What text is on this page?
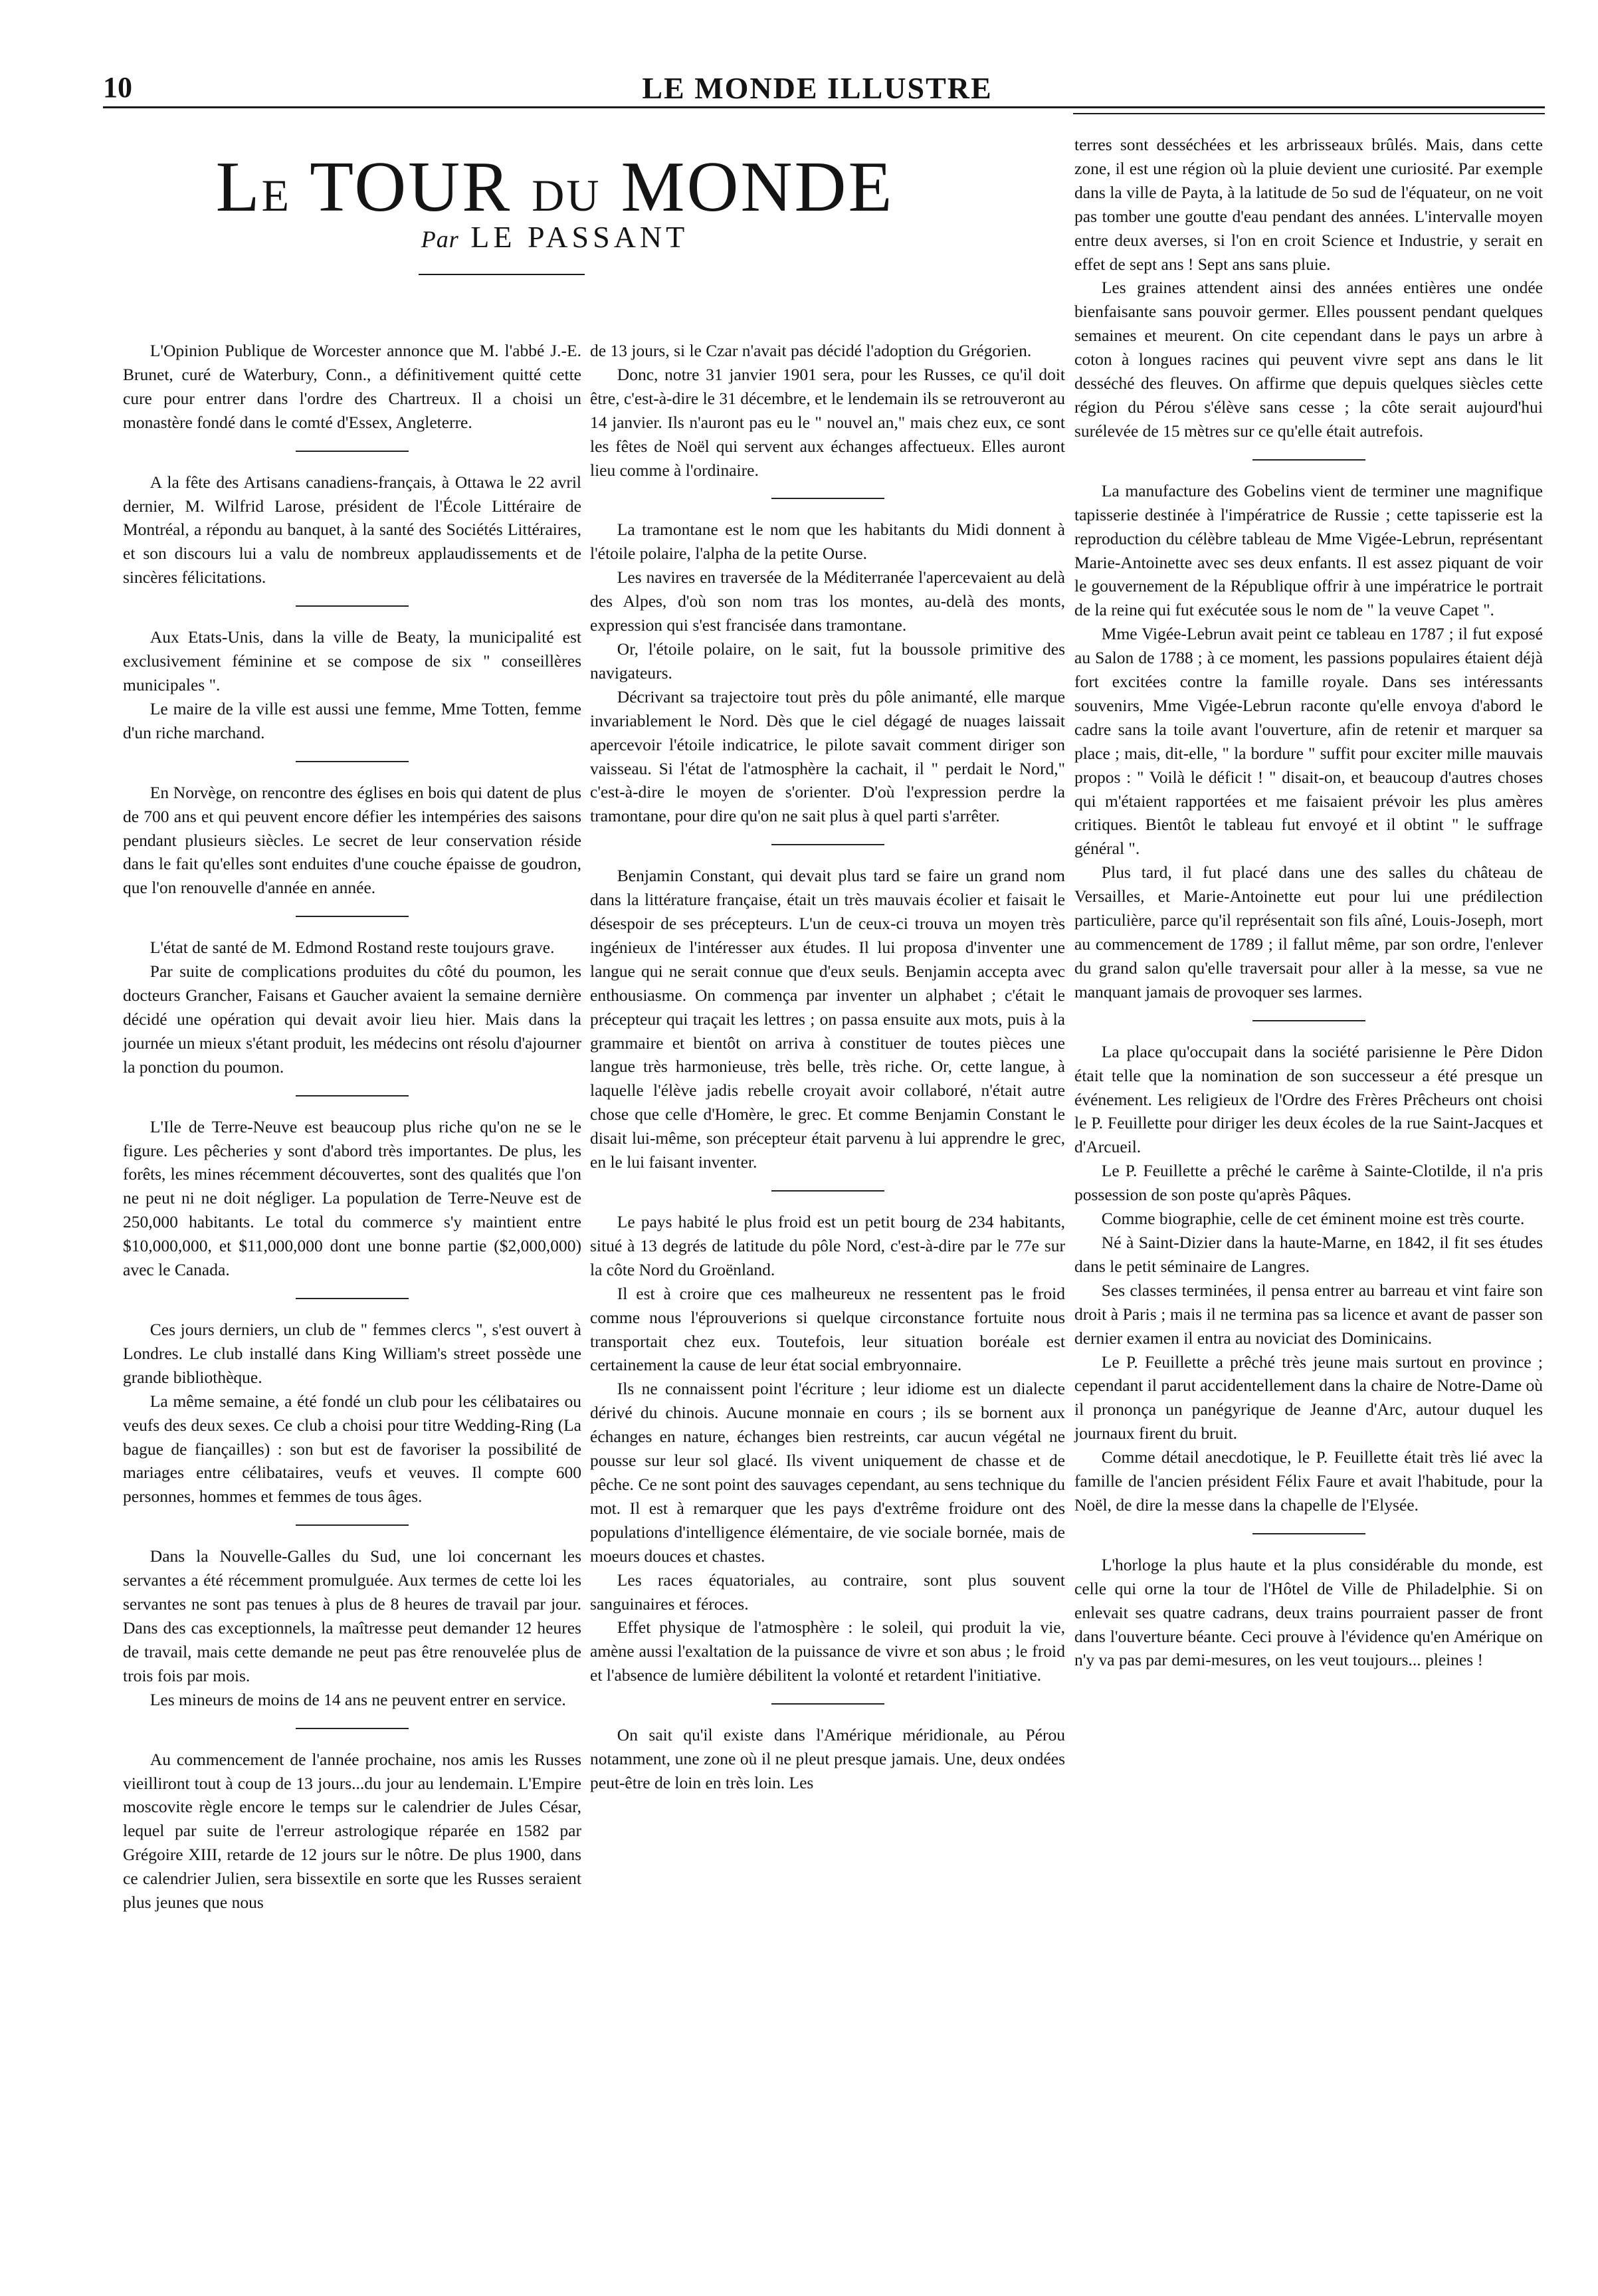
10	LE MONDE ILLUSTRE
LE TOUR DU MONDE
Par LE PASSANT

L'Opinion Publique de Worcester annonce que M. l'abbé J.-E. Brunet, curé de Waterbury, Conn., a définitivement quitté cette cure pour entrer dans l'ordre des Chartreux. Il a choisi un monastère fondé dans le comté d'Essex, Angleterre.

A la fête des Artisans canadiens-français, à Ottawa le 22 avril dernier, M. Wilfrid Larose, président de l'École Littéraire de Montréal, a répondu au banquet, à la santé des Sociétés Littéraires, et son discours lui a valu de nombreux applaudissements et de sincères félicitations.

Aux Etats-Unis, dans la ville de Beaty, la municipalité est exclusivement féminine et se compose de six " conseillères municipales ".

Le maire de la ville est aussi une femme, Mme Totten, femme d'un riche marchand.

En Norvège, on rencontre des églises en bois qui datent de plus de 700 ans et qui peuvent encore défier les intempéries des saisons pendant plusieurs siècles. Le secret de leur conservation réside dans le fait qu'elles sont enduites d'une couche épaisse de goudron, que l'on renouvelle d'année en année.

L'état de santé de M. Edmond Rostand reste toujours grave.

Par suite de complications produites du côté du poumon, les docteurs Grancher, Faisans et Gaucher avaient la semaine dernière décidé une opération qui devait avoir lieu hier. Mais dans la journée un mieux s'étant produit, les médecins ont résolu d'ajourner la ponction du poumon.

L'Ile de Terre-Neuve est beaucoup plus riche qu'on ne se le figure. Les pêcheries y sont d'abord très importantes. De plus, les forêts, les mines récemment découvertes, sont des qualités que l'on ne peut ni ne doit négliger. La population de Terre-Neuve est de 250,000 habitants. Le total du commerce s'y maintient entre $10,000,000, et $11,000,000 dont une bonne partie ($2,000,000) avec le Canada.

Ces jours derniers, un club de " femmes clercs ", s'est ouvert à Londres. Le club installé dans King William's street possède une grande bibliothèque.

La même semaine, a été fondé un club pour les célibataires ou veufs des deux sexes. Ce club a choisi pour titre Wedding-Ring (La bague de fiançailles) : son but est de favoriser la possibilité de mariages entre célibataires, veufs et veuves. Il compte 600 personnes, hommes et femmes de tous âges.

Dans la Nouvelle-Galles du Sud, une loi concernant les servantes a été récemment promulguée. Aux termes de cette loi les servantes ne sont pas tenues à plus de 8 heures de travail par jour. Dans des cas exceptionnels, la maîtresse peut demander 12 heures de travail, mais cette demande ne peut pas être renouvelée plus de trois fois par mois.

Les mineurs de moins de 14 ans ne peuvent entrer en service.

Au commencement de l'année prochaine, nos amis les Russes vieilliront tout à coup de 13 jours...du jour au lendemain. L'Empire moscovite règle encore le temps sur le calendrier de Jules César, lequel par suite de l'erreur astrologique réparée en 1582 par Grégoire XIII, retarde de 12 jours sur le nôtre. De plus 1900, dans ce calendrier Julien, sera bissextile en sorte que les Russes seraient plus jeunes que nous

de 13 jours, si le Czar n'avait pas décidé l'adoption du Grégorien.

Donc, notre 31 janvier 1901 sera, pour les Russes, ce qu'il doit être, c'est-à-dire le 31 décembre, et le lendemain ils se retrouveront au 14 janvier. Ils n'auront pas eu le " nouvel an," mais chez eux, ce sont les fêtes de Noël qui servent aux échanges affectueux. Elles auront lieu comme à l'ordinaire.

La tramontane est le nom que les habitants du Midi donnent à l'étoile polaire, l'alpha de la petite Ourse.

Les navires en traversée de la Méditerranée l'apercevaient au delà des Alpes, d'où son nom tras los montes, au-delà des monts, expression qui s'est francisée dans tramontane.

Or, l'étoile polaire, on le sait, fut la boussole primitive des navigateurs.

Décrivant sa trajectoire tout près du pôle animanté, elle marque invariablement le Nord. Dès que le ciel dégagé de nuages laissait apercevoir l'étoile indicatrice, le pilote savait comment diriger son vaisseau. Si l'état de l'atmosphère la cachait, il " perdait le Nord," c'est-à-dire le moyen de s'orienter. D'où l'expression perdre la tramontane, pour dire qu'on ne sait plus à quel parti s'arrêter.

Benjamin Constant, qui devait plus tard se faire un grand nom dans la littérature française, était un très mauvais écolier et faisait le désespoir de ses précepteurs. L'un de ceux-ci trouva un moyen très ingénieux de l'intéresser aux études. Il lui proposa d'inventer une langue qui ne serait connue que d'eux seuls. Benjamin accepta avec enthousiasme. On commença par inventer un alphabet ; c'était le précepteur qui traçait les lettres ; on passa ensuite aux mots, puis à la grammaire et bientôt on arriva à constituer de toutes pièces une langue très harmonieuse, très belle, très riche. Or, cette langue, à laquelle l'élève jadis rebelle croyait avoir collaboré, n'était autre chose que celle d'Homère, le grec. Et comme Benjamin Constant le disait lui-même, son précepteur était parvenu à lui apprendre le grec, en le lui faisant inventer.

Le pays habité le plus froid est un petit bourg de 234 habitants, situé à 13 degrés de latitude du pôle Nord, c'est-à-dire par le 77e sur la côte Nord du Groënland.

Il est à croire que ces malheureux ne ressentent pas le froid comme nous l'éprouverions si quelque circonstance fortuite nous transportait chez eux. Toutefois, leur situation boréale est certainement la cause de leur état social embryonnaire.

Ils ne connaissent point l'écriture ; leur idiome est un dialecte dérivé du chinois. Aucune monnaie en cours ; ils se bornent aux échanges en nature, échanges bien restreints, car aucun végétal ne pousse sur leur sol glacé. Ils vivent uniquement de chasse et de pêche. Ce ne sont point des sauvages cependant, au sens technique du mot. Il est à remarquer que les pays d'extrême froidure ont des populations d'intelligence élémentaire, de vie sociale bornée, mais de moeurs douces et chastes.

Les races équatoriales, au contraire, sont plus souvent sanguinaires et féroces.

Effet physique de l'atmosphère : le soleil, qui produit la vie, amène aussi l'exaltation de la puissance de vivre et son abus ; le froid et l'absence de lumière débilitent la volonté et retardent l'initiative.

On sait qu'il existe dans l'Amérique méridionale, au Pérou notamment, une zone où il ne pleut presque jamais. Une, deux ondées peut-être de loin en très loin. Les

terres sont desséchées et les arbrisseaux brûlés. Mais, dans cette zone, il est une région où la pluie devient une curiosité. Par exemple dans la ville de Payta, à la latitude de 5o sud de l'équateur, on ne voit pas tomber une goutte d'eau pendant des années. L'intervalle moyen entre deux averses, si l'on en croit Science et Industrie, y serait en effet de sept ans ! Sept ans sans pluie.

Les graines attendent ainsi des années entières une ondée bienfaisante sans pouvoir germer. Elles poussent pendant quelques semaines et meurent. On cite cependant dans le pays un arbre à coton à longues racines qui peuvent vivre sept ans dans le lit desséché des fleuves. On affirme que depuis quelques siècles cette région du Pérou s'élève sans cesse ; la côte serait aujourd'hui surélevée de 15 mètres sur ce qu'elle était autrefois.

La manufacture des Gobelins vient de terminer une magnifique tapisserie destinée à l'impératrice de Russie ; cette tapisserie est la reproduction du célèbre tableau de Mme Vigée-Lebrun, représentant Marie-Antoinette avec ses deux enfants. Il est assez piquant de voir le gouvernement de la République offrir à une impératrice le portrait de la reine qui fut exécutée sous le nom de " la veuve Capet ".

Mme Vigée-Lebrun avait peint ce tableau en 1787 ; il fut exposé au Salon de 1788 ; à ce moment, les passions populaires étaient déjà fort excitées contre la famille royale. Dans ses intéressants souvenirs, Mme Vigée-Lebrun raconte qu'elle envoya d'abord le cadre sans la toile avant l'ouverture, afin de retenir et marquer sa place ; mais, dit-elle, " la bordure " suffit pour exciter mille mauvais propos : " Voilà le déficit ! " disait-on, et beaucoup d'autres choses qui m'étaient rapportées et me faisaient prévoir les plus amères critiques. Bientôt le tableau fut envoyé et il obtint " le suffrage général ".

Plus tard, il fut placé dans une des salles du château de Versailles, et Marie-Antoinette eut pour lui une prédilection particulière, parce qu'il représentait son fils aîné, Louis-Joseph, mort au commencement de 1789 ; il fallut même, par son ordre, l'enlever du grand salon qu'elle traversait pour aller à la messe, sa vue ne manquant jamais de provoquer ses larmes.

La place qu'occupait dans la société parisienne le Père Didon était telle que la nomination de son successeur a été presque un événement. Les religieux de l'Ordre des Frères Prêcheurs ont choisi le P. Feuillette pour diriger les deux écoles de la rue Saint-Jacques et d'Arcueil.

Le P. Feuillette a prêché le carême à Sainte-Clotilde, il n'a pris possession de son poste qu'après Pâques.

Comme biographie, celle de cet éminent moine est très courte.

Né à Saint-Dizier dans la haute-Marne, en 1842, il fit ses études dans le petit séminaire de Langres.

Ses classes terminées, il pensa entrer au barreau et vint faire son droit à Paris ; mais il ne termina pas sa licence et avant de passer son dernier examen il entra au noviciat des Dominicains.

Le P. Feuillette a prêché très jeune mais surtout en province ; cependant il parut accidentellement dans la chaire de Notre-Dame où il prononça un panégyrique de Jeanne d'Arc, autour duquel les journaux firent du bruit.

Comme détail anecdotique, le P. Feuillette était très lié avec la famille de l'ancien président Félix Faure et avait l'habitude, pour la Noël, de dire la messe dans la chapelle de l'Elysée.

L'horloge la plus haute et la plus considérable du monde, est celle qui orne la tour de l'Hôtel de Ville de Philadelphie. Si on enlevait ses quatre cadrans, deux trains pourraient passer de front dans l'ouverture béante. Ceci prouve à l'évidence qu'en Amérique on n'y va pas par demi-mesures, on les veut toujours... pleines !
